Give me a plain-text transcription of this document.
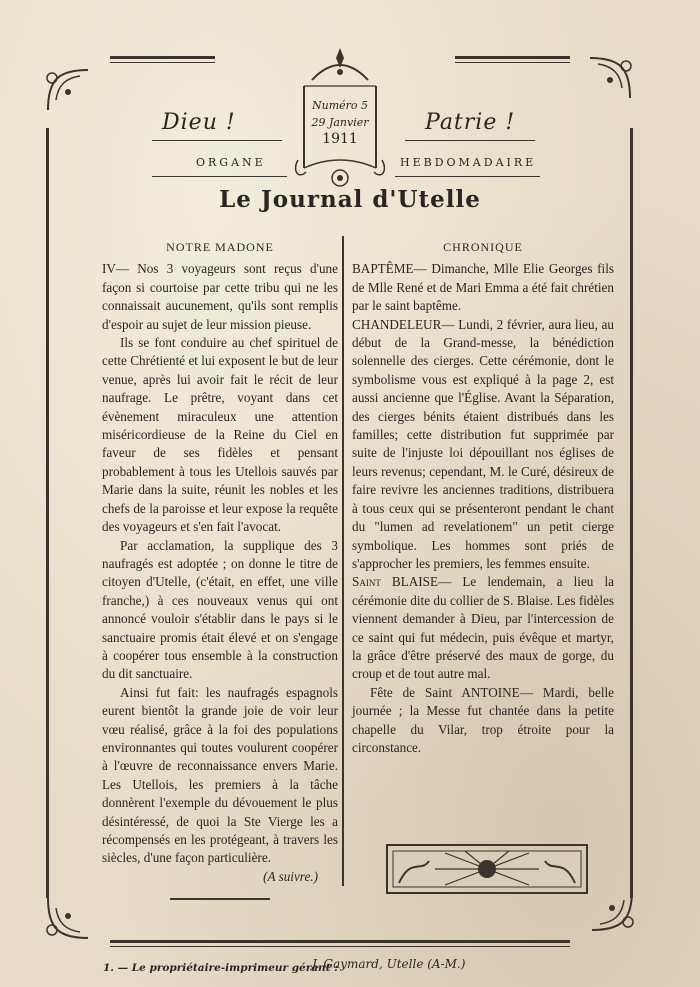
Numéro 5
29 Janvier
1911
Dieu !	Patrie !
ORGANE	HEBDOMADAIRE
Le Journal d'Utelle
NOTRE MADONE

IV— Nos 3 voyageurs sont reçus d'une façon si courtoise par cette tribu qui ne les connaissait aucunement, qu'ils sont remplis d'espoir au sujet de leur mission pieuse.

Ils se font conduire au chef spirituel de cette Chrétienté et lui exposent le but de leur venue, après lui avoir fait le récit de leur naufrage. Le prêtre, voyant dans cet évènement miraculeux une attention miséricordieuse de la Reine du Ciel en faveur de ses fidèles et pensant probablement à tous les Utellois sauvés par Marie dans la suite, réunit les nobles et les chefs de la paroisse et leur expose la requête des voyageurs et s'en fait l'avocat.

Par acclamation, la supplique des 3 naufragés est adoptée ; on donne le titre de citoyen d'Utelle, (c'était, en effet, une ville franche,) à ces nouveaux venus qui ont annoncé vouloir s'établir dans le pays si le sanctuaire promis était élevé et on s'engage à coopérer tous ensemble à la construction du dit sanctuaire.

Ainsi fut fait: les naufragés espagnols eurent bientôt la grande joie de voir leur vœu réalisé, grâce à la foi des populations environnantes qui toutes voulurent coopérer à l'œuvre de reconnaissance envers Marie. Les Utellois, les premiers à la tâche donnèrent l'exemple du dévouement le plus désintéressé, de quoi la Ste Vierge les a récompensés en les protégeant, à travers les siècles, d'une façon particulière.

(A suivre.)
CHRONIQUE

BAPTÊME— Dimanche, Mlle Elie Georges fils de Mlle René et de Mari Emma a été fait chrétien par le saint baptême.

CHANDELEUR— Lundi, 2 février, aura lieu, au début de la Grand-messe, la bénédiction solennelle des cierges. Cette cérémonie, dont le symbolisme vous est expliqué à la page 2, est aussi ancienne que l'Église. Avant la Séparation, des cierges bénits étaient distribués dans les familles; cette distribution fut supprimée par suite de l'injuste loi dépouillant nos églises de leurs revenus; cependant, M. le Curé, désireux de faire revivre les anciennes traditions, distribuera à tous ceux qui se présenteront pendant le chant du "lumen ad revelationem" un petit cierge symbolique. Les hommes sont priés de s'approcher les premiers, les femmes ensuite.

Saint BLAISE— Le lendemain, a lieu la cérémonie dite du collier de S. Blaise. Les fidèles viennent demander à Dieu, par l'intercession de ce saint qui fut médecin, puis évêque et martyr, la grâce d'être préservé des maux de gorge, du croup et de tout autre mal.

Fête de Saint ANTOINE— Mardi, belle journée ; la Messe fut chantée dans la petite chapelle du Vilar, trop étroite pour la circonstance.

1. — Le propriétaire-imprimeur gérant :
J. Gaymard, Utelle (A-M.)
